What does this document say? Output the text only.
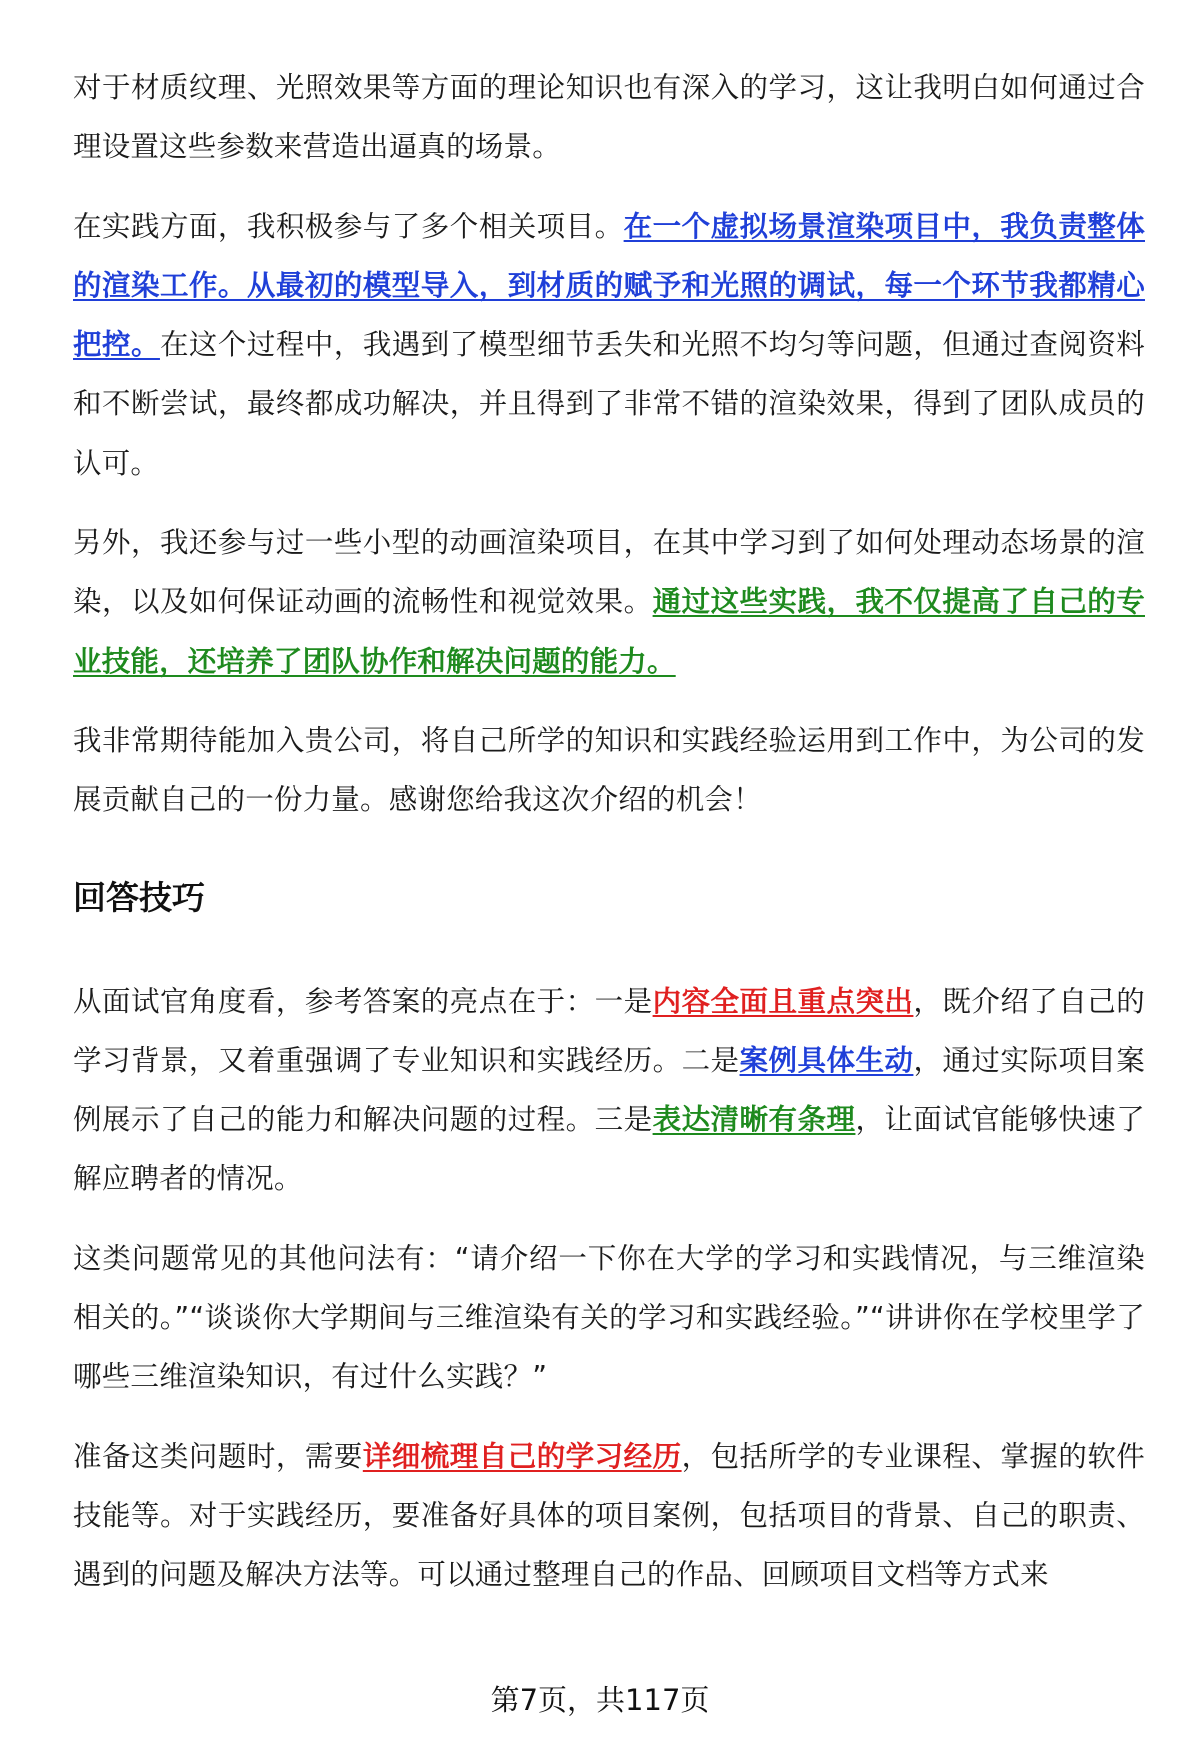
对于材质纹理、光照效果等方面的理论知识也有深入的学习，这让我明白如何通过合理设置这些参数来营造出逼真的场景。

在实践方面，我积极参与了多个相关项目。在一个虚拟场景渲染项目中，我负责整体的渲染工作。从最初的模型导入，到材质的赋予和光照的调试，每一个环节我都精心把控。在这个过程中，我遇到了模型细节丢失和光照不均匀等问题，但通过查阅资料和不断尝试，最终都成功解决，并且得到了非常不错的渲染效果，得到了团队成员的认可。

另外，我还参与过一些小型的动画渲染项目，在其中学习到了如何处理动态场景的渲染，以及如何保证动画的流畅性和视觉效果。通过这些实践，我不仅提高了自己的专业技能，还培养了团队协作和解决问题的能力。

我非常期待能加入贵公司，将自己所学的知识和实践经验运用到工作中，为公司的发展贡献自己的一份力量。感谢您给我这次介绍的机会！

回答技巧

从面试官角度看，参考答案的亮点在于：一是内容全面且重点突出，既介绍了自己的学习背景，又着重强调了专业知识和实践经历。二是案例具体生动，通过实际项目案例展示了自己的能力和解决问题的过程。三是表达清晰有条理，让面试官能够快速了解应聘者的情况。

这类问题常见的其他问法有：“请介绍一下你在大学的学习和实践情况，与三维渲染相关的。”“谈谈你大学期间与三维渲染有关的学习和实践经验。”“讲讲你在学校里学了哪些三维渲染知识，有过什么实践？”

准备这类问题时，需要详细梳理自己的学习经历，包括所学的专业课程、掌握的软件技能等。对于实践经历，要准备好具体的项目案例，包括项目的背景、自己的职责、遇到的问题及解决方法等。可以通过整理自己的作品、回顾项目文档等方式来

第7页，共117页
